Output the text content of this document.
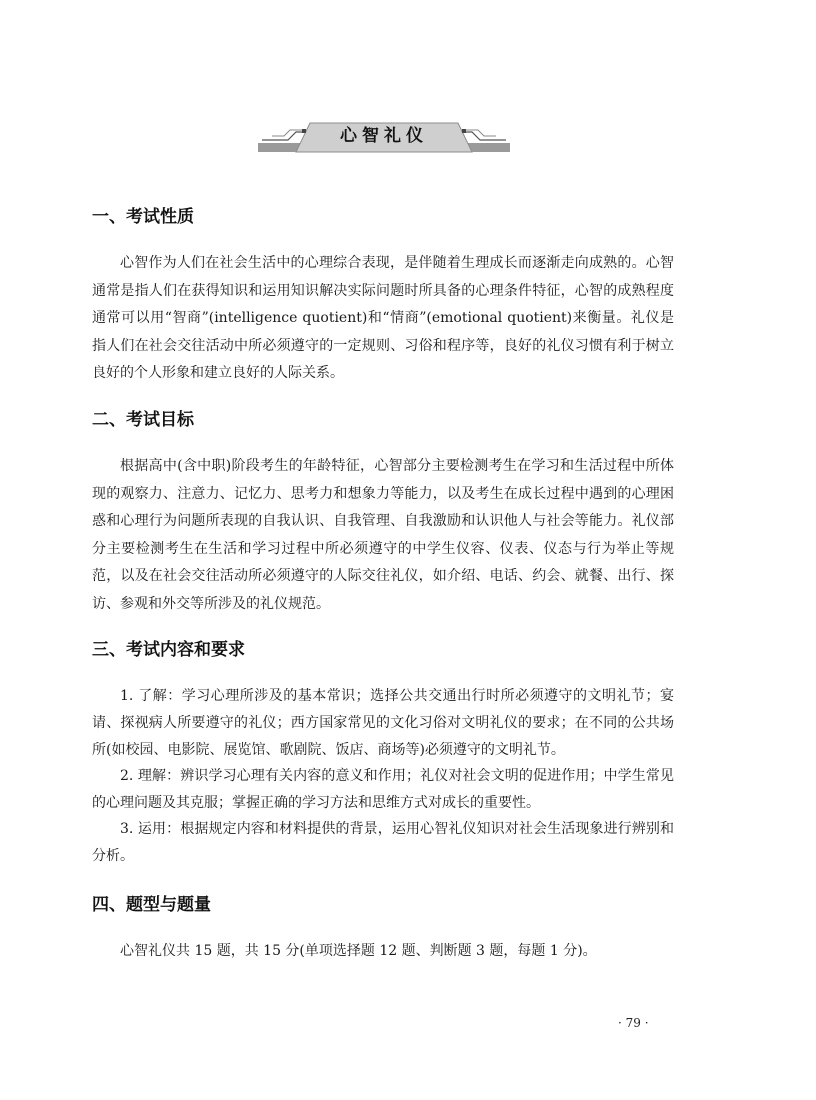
心智礼仪
一、考试性质

心智作为人们在社会生活中的心理综合表现，是伴随着生理成长而逐渐走向成熟的。心智通常是指人们在获得知识和运用知识解决实际问题时所具备的心理条件特征，心智的成熟程度通常可以用“智商”(intelligence quotient)和“情商”(emotional quotient)来衡量。礼仪是指人们在社会交往活动中所必须遵守的一定规则、习俗和程序等，良好的礼仪习惯有利于树立良好的个人形象和建立良好的人际关系。

二、考试目标

根据高中(含中职)阶段考生的年龄特征，心智部分主要检测考生在学习和生活过程中所体现的观察力、注意力、记忆力、思考力和想象力等能力，以及考生在成长过程中遇到的心理困惑和心理行为问题所表现的自我认识、自我管理、自我激励和认识他人与社会等能力。礼仪部分主要检测考生在生活和学习过程中所必须遵守的中学生仪容、仪表、仪态与行为举止等规范，以及在社会交往活动所必须遵守的人际交往礼仪，如介绍、电话、约会、就餐、出行、探访、参观和外交等所涉及的礼仪规范。

三、考试内容和要求

1. 了解：学习心理所涉及的基本常识；选择公共交通出行时所必须遵守的文明礼节；宴请、探视病人所要遵守的礼仪；西方国家常见的文化习俗对文明礼仪的要求；在不同的公共场所(如校园、电影院、展览馆、歌剧院、饭店、商场等)必须遵守的文明礼节。

2. 理解：辨识学习心理有关内容的意义和作用；礼仪对社会文明的促进作用；中学生常见的心理问题及其克服；掌握正确的学习方法和思维方式对成长的重要性。

3. 运用：根据规定内容和材料提供的背景，运用心智礼仪知识对社会生活现象进行辨别和分析。

四、题型与题量

心智礼仪共 15 题，共 15 分(单项选择题 12 题、判断题 3 题，每题 1 分)。

· 79 ·
